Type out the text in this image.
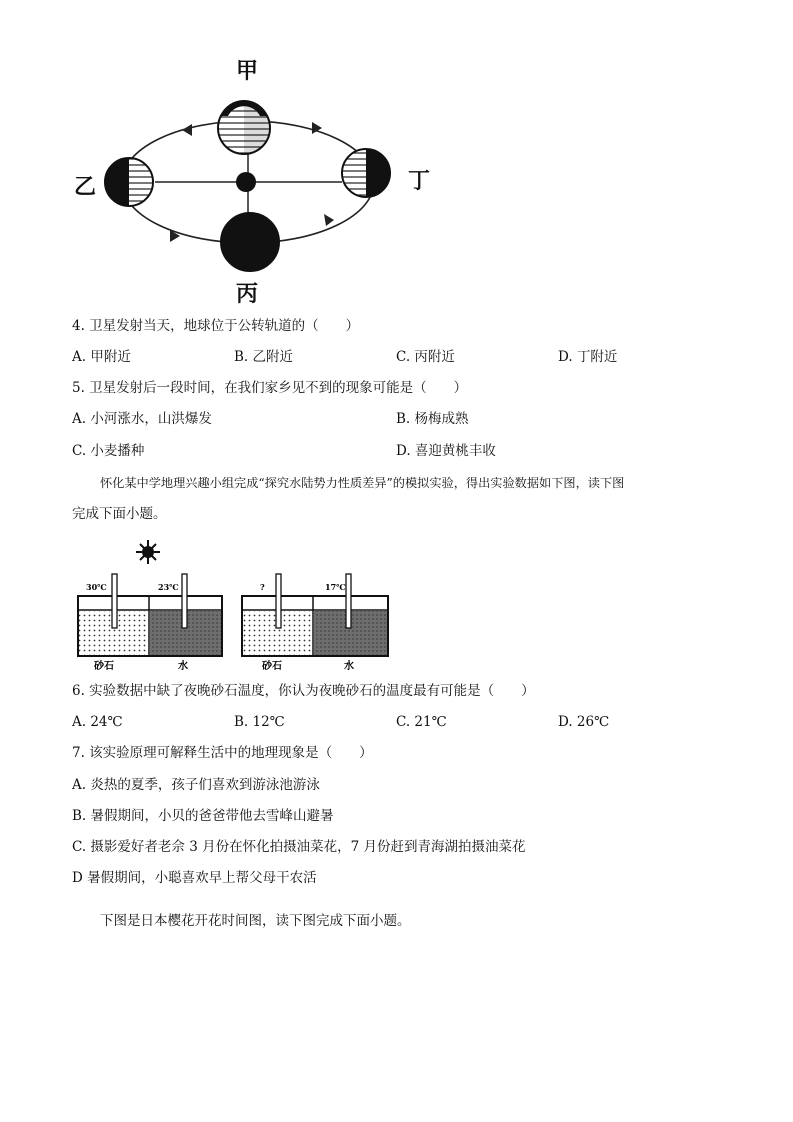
甲
乙	丁
丙
4. 卫星发射当天，地球位于公转轨道的（　　）
A. 甲附近	B. 乙附近	C. 丙附近	D. 丁附近
5. 卫星发射后一段时间，在我们家乡见不到的现象可能是（　　）
A. 小河涨水，山洪爆发	B. 杨梅成熟
C. 小麦播种	D. 喜迎黄桃丰收
怀化某中学地理兴趣小组完成“探究水陆势力性质差异”的模拟实验，得出实验数据如下图，读下图
完成下面小题。
30℃	23℃	?	17℃
砂石	水	砂石	水
6. 实验数据中缺了夜晚砂石温度，你认为夜晚砂石的温度最有可能是（　　）
A. 24℃	B. 12℃	C. 21℃	D. 26℃
7. 该实验原理可解释生活中的地理现象是（　　）
A. 炎热的夏季，孩子们喜欢到游泳池游泳
B. 暑假期间，小贝的爸爸带他去雪峰山避暑
C. 摄影爱好者老佘 3 月份在怀化拍摄油菜花，7 月份赶到青海湖拍摄油菜花
D 暑假期间，小聪喜欢早上帮父母干农活
下图是日本樱花开花时间图，读下图完成下面小题。
